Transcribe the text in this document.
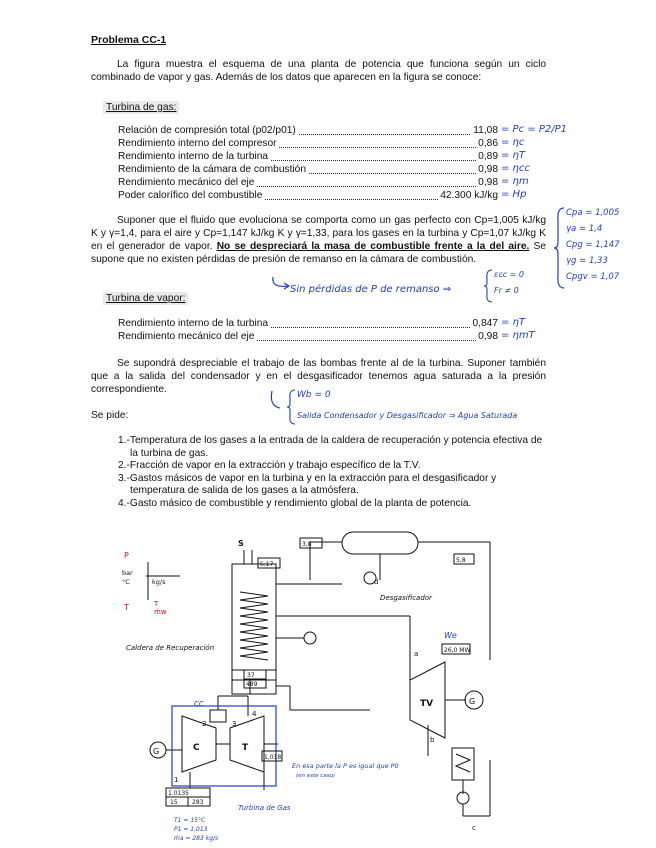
Problema CC-1
La figura muestra el esquema de una planta de potencia que funciona según un ciclo combinado de vapor y gas. Además de los datos que aparecen en la figura se conoce:
Turbina de gas:
Relación de compresión total (p02/p01)	11,08
Rendimiento interno del compresor	0,86
Rendimiento interno de la turbina	0,89
Rendimiento de la cámara de combustión	0,98
Rendimiento mecánico del eje	0,98
Poder calorífico del combustible	42.300 kJ/kg
= Pc = P2/P1
= ηc
= ηT
= ηcc
= ηm
= Hp
Suponer que el fluido que evoluciona se comporta como un gas perfecto con Cp=1,005 kJ/kg K y γ=1,4, para el aire y Cp=1,147 kJ/kg K y γ=1,33, para los gases en la turbina y Cp=1,07 kJ/kg K en el generador de vapor. No se despreciará la masa de combustible frente a la del aire. Se supone que no existen pérdidas de presión de remanso en la cámara de combustión.
Cpa = 1,005
γa = 1,4
Cpg = 1,147
γg = 1,33
Cpgv = 1,07
Sin pérdidas de P de remanso ⇒
εcc = 0
Fr ≠ 0
Turbina de vapor:
Rendimiento interno de la turbina	0,847
Rendimiento mecánico del eje	0,98
= ηT
= ηmT
Se supondrá despreciable el trabajo de las bombas frente al de la turbina. Suponer también que a la salida del condensador y en el desgasificador tenemos agua saturada a la presión correspondiente.
Se pide:
Wb = 0
Salida Condensador y Desgasificador ⇒ Agua Saturada
1.-Temperatura de los gases a la entrada de la caldera de recuperación y potencia efectiva de la turbina de gas.
2.-Fracción de vapor en la extracción y trabajo específico de la T.V.
3.-Gastos másicos de vapor en la turbina y en la extracción para el desgasificador y temperatura de salida de los gases a la atmósfera.
4.-Gasto másico de combustible y rendimiento global de la planta de potencia.
P
bar
°C	kg/s
T	T
ṁw
Caldera de Recuperación
Desgasificador
S
S.17
3,8
5,8
d
37
489
a
TV	G
26,0 MW
We
b
c
C	T
G
CC
4
2	3
1
1,018
1.0135
15 283
En esa parte la P es igual que P0
(en este caso)
Turbina de Gas
T1 = 15°C
P1 = 1,013
ṁa = 283 kg/s
